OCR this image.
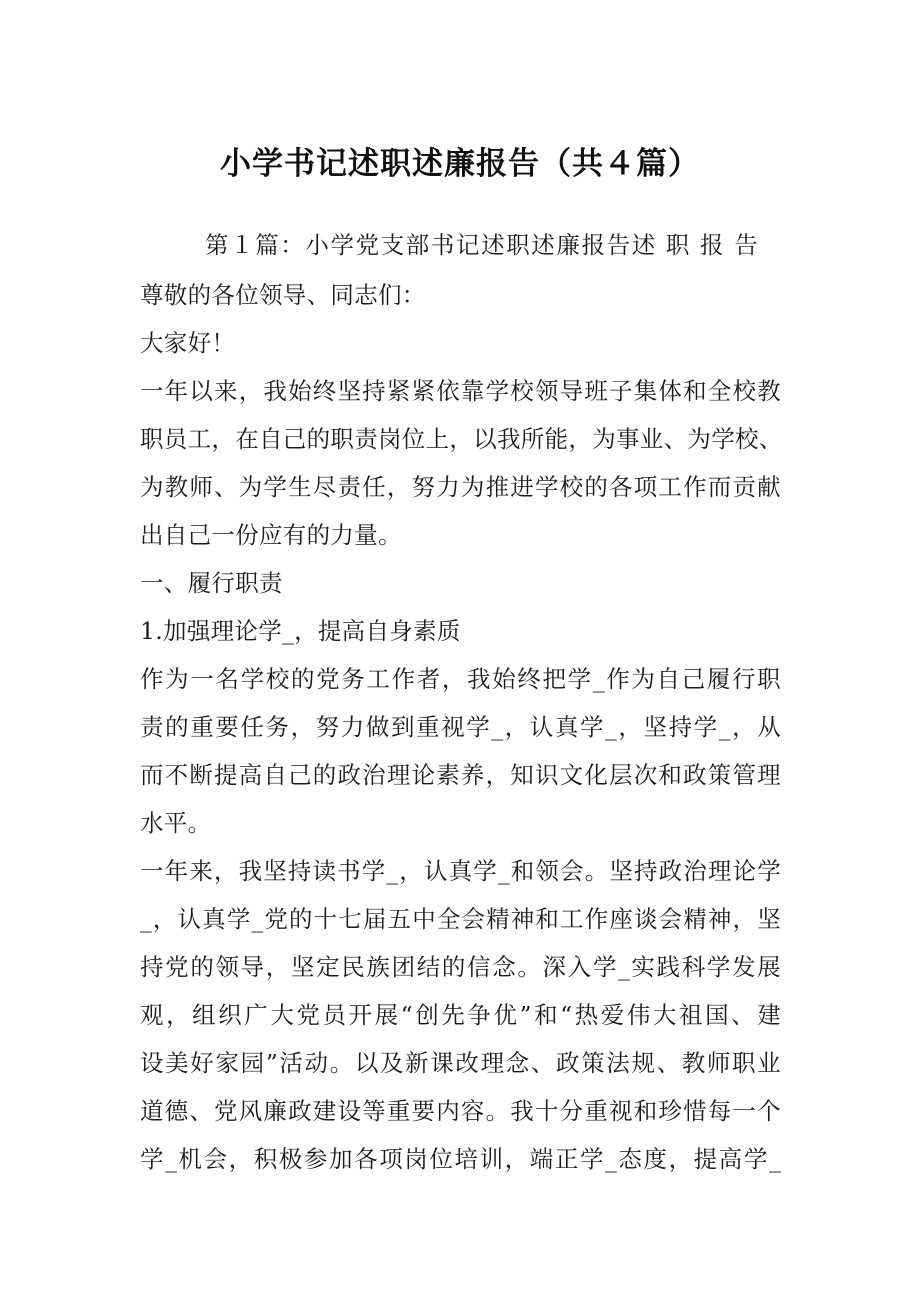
小学书记述职述廉报告（共４篇）
第１篇：小学党支部书记述职述廉报告述 职 报 告
尊敬的各位领导、同志们：
大家好！
一年以来，我始终坚持紧紧依靠学校领导班子集体和全校教
职员工，在自己的职责岗位上，以我所能，为事业、为学校、
为教师、为学生尽责任，努力为推进学校的各项工作而贡献
出自己一份应有的力量。
一、履行职责
1.加强理论学_，提高自身素质
作为一名学校的党务工作者，我始终把学_作为自己履行职
责的重要任务，努力做到重视学_，认真学_，坚持学_，从
而不断提高自己的政治理论素养，知识文化层次和政策管理
水平。
一年来，我坚持读书学_，认真学_和领会。坚持政治理论学
_，认真学_党的十七届五中全会精神和工作座谈会精神，坚
持党的领导，坚定民族团结的信念。深入学_实践科学发展
观，组织广大党员开展“创先争优”和“热爱伟大祖国、建
设美好家园”活动。以及新课改理念、政策法规、教师职业
道德、党风廉政建设等重要内容。我十分重视和珍惜每一个
学_机会，积极参加各项岗位培训，端正学_态度，提高学_
